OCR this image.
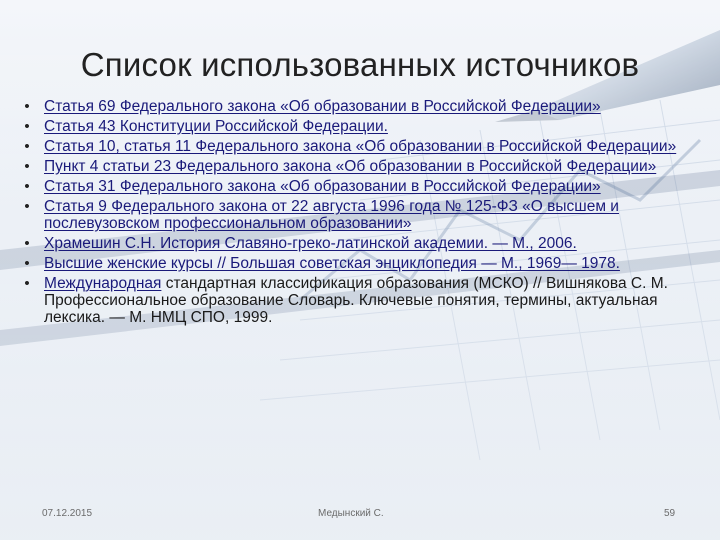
Список использованных источников
• Статья 69 Федерального закона «Об образовании в Российской Федерации»
• Статья 43 Конституции Российской Федерации.
• Статья 10, статья 11 Федерального закона «Об образовании в Российской Федерации»
• Пункт 4 статьи 23 Федерального закона «Об образовании в Российской Федерации»
• Статья 31 Федерального закона «Об образовании в Российской Федерации»
• Статья 9 Федерального закона от 22 августа 1996 года № 125-ФЗ «О высшем и послевузовском профессиональном образовании»
• Храмешин С.Н. История Славяно-греко-латинской академии. — М., 2006.
• Высшие женские курсы // Большая советская энциклопедия — М., 1969— 1978.
• Международная стандартная классификация образования (МСКО) // Вишнякова С. М. Профессиональное образование Словарь. Ключевые понятия, термины, актуальная лексика. — М. НМЦ СПО, 1999.
07.12.2015	Медынский С.	59
